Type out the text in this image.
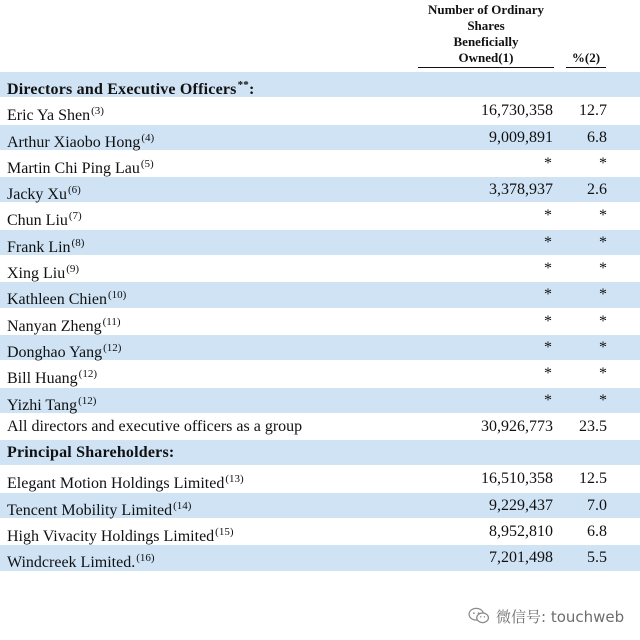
Number of Ordinary
Shares
Beneficially
Owned(1)	%(2)
Directors and Executive Officers**:
Eric Ya Shen$^{(3)}$	16,730,358 12.7
Arthur Xiaobo Hong$^{(4)}$	9,009,891 6.8
Martin Chi Ping Lau$^{(5)}$	*	*
Jacky Xu$^{(6)}$	3,378,937 2.6
Chun Liu$^{(7)}$	*	*
Frank Lin$^{(8)}$	*	*
Xing Liu$^{(9)}$	*	*
Kathleen Chien$^{(10)}$	*	*
Nanyan Zheng$^{(11)}$	*	*
Donghao Yang$^{(12)}$	*	*
Bill Huang$^{(12)}$	*	*
Yizhi Tang$^{(12)}$	*	*
All directors and executive officers as a group	30,926,773 23.5
Principal Shareholders:
Elegant Motion Holdings Limited$^{(13)}$	16,510,358 12.5
Tencent Mobility Limited$^{(14)}$	9,229,437 7.0
High Vivacity Holdings Limited$^{(15)}$	8,952,810 6.8
Windcreek Limited.$^{(16)}$	7,201,498 5.5
微信号: touchweb
